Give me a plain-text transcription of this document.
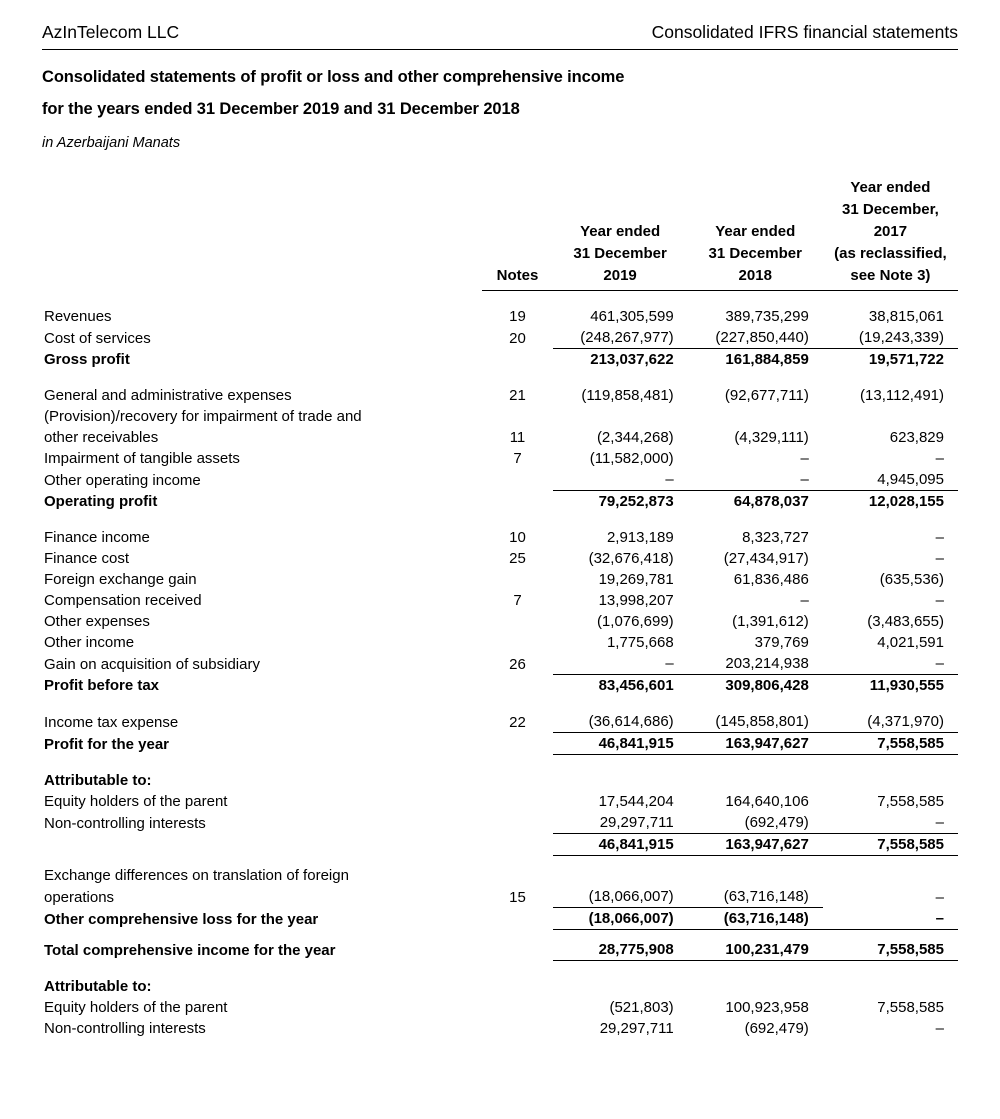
AzInTelecom LLC	Consolidated IFRS financial statements
Consolidated statements of profit or loss and other comprehensive income
for the years ended 31 December 2019 and 31 December 2018
in Azerbaijani Manats
				Year ended
				31 December,
		Year ended	Year ended	2017
		31 December	31 December	(as reclassified,
	Notes	2019	2018	see Note 3)

Revenues	19	461,305,599	389,735,299	38,815,061
Cost of services	20	(248,267,977)	(227,850,440)	(19,243,339)
Gross profit		213,037,622	161,884,859	19,571,722

General and administrative expenses	21	(119,858,481)	(92,677,711)	(13,112,491)
(Provision)/recovery for impairment of trade and				
other receivables	11	(2,344,268)	(4,329,111)	623,829
Impairment of tangible assets	7	(11,582,000)	–	–
Other operating income		–	–	4,945,095
Operating profit		79,252,873	64,878,037	12,028,155

Finance income	10	2,913,189	8,323,727	–
Finance cost	25	(32,676,418)	(27,434,917)	–
Foreign exchange gain		19,269,781	61,836,486	(635,536)
Compensation received	7	13,998,207	–	–
Other expenses		(1,076,699)	(1,391,612)	(3,483,655)
Other income		1,775,668	379,769	4,021,591
Gain on acquisition of subsidiary	26	–	203,214,938	–
Profit before tax		83,456,601	309,806,428	11,930,555

Income tax expense	22	(36,614,686)	(145,858,801)	(4,371,970)
Profit for the year		46,841,915	163,947,627	7,558,585

Attributable to:				
Equity holders of the parent		17,544,204	164,640,106	7,558,585
Non-controlling interests		29,297,711	(692,479)	–
		46,841,915	163,947,627	7,558,585

Exchange differences on translation of foreign				
operations	15	(18,066,007)	(63,716,148)	–
Other comprehensive loss for the year		(18,066,007)	(63,716,148)	–

Total comprehensive income for the year		28,775,908	100,231,479	7,558,585

Attributable to:				
Equity holders of the parent		(521,803)	100,923,958	7,558,585
Non-controlling interests		29,297,711	(692,479)	–
